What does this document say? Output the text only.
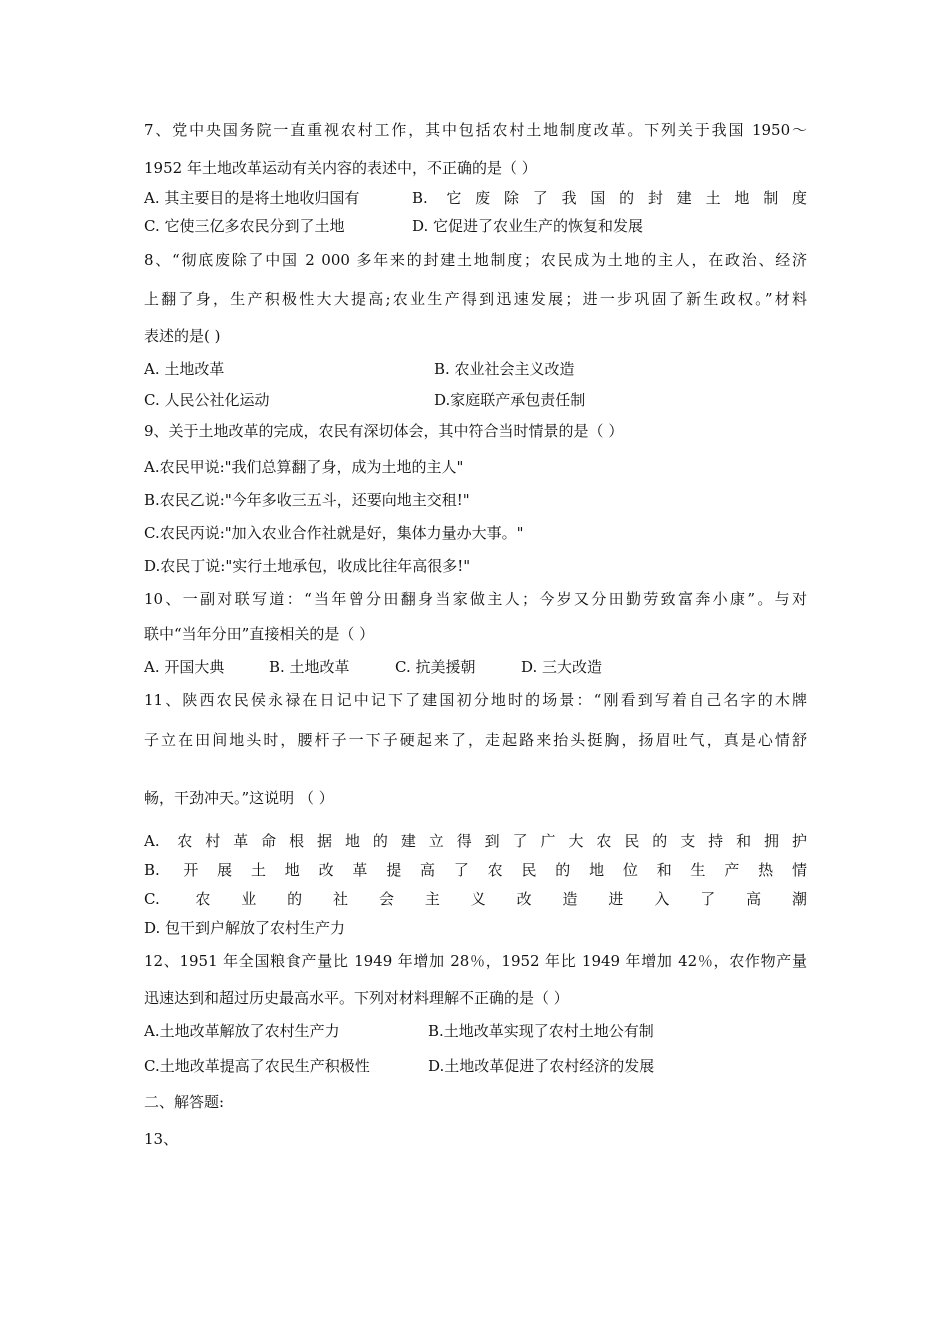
7、党中央国务院一直重视农村工作，其中包括农村土地制度改革。下列关于我国 1950～
1952 年土地改革运动有关内容的表述中，不正确的是（ ）
A. 其主要目的是将土地收归国有	B. 它废除了我国的封建土地制度
C. 它使三亿多农民分到了土地	D. 它促进了农业生产的恢复和发展
8、“彻底废除了中国 2 000 多年来的封建土地制度；农民成为土地的主人，在政治、经济
上翻了身，生产积极性大大提高;农业生产得到迅速发展；进一步巩固了新生政权。”材料
表述的是( )
A. 土地改革	B. 农业社会主义改造
C. 人民公社化运动	D.家庭联产承包责任制
9、关于土地改革的完成，农民有深切体会，其中符合当时情景的是（ ）
A.农民甲说:"我们总算翻了身，成为土地的主人"
B.农民乙说:"今年多收三五斗，还要向地主交租!"
C.农民丙说:"加入农业合作社就是好，集体力量办大事。"
D.农民丁说:"实行土地承包，收成比往年高很多!"
10、一副对联写道：“当年曾分田翻身当家做主人；今岁又分田勤劳致富奔小康”。与对
联中“当年分田”直接相关的是（ ）
A. 开国大典	B. 土地改革	C. 抗美援朝	D. 三大改造
11、陕西农民侯永禄在日记中记下了建国初分地时的场景：“刚看到写着自己名字的木牌
子立在田间地头时，腰杆子一下子硬起来了，走起路来抬头挺胸，扬眉吐气，真是心情舒
畅，干劲冲天。”这说明 （ ）
A. 农村革命根据地的建立得到了广大农民的支持和拥护
B. 开展土地改革提高了农民的地位和生产热情
C. 农业的社会主义改造进入了高潮
D. 包干到户解放了农村生产力
12、1951 年全国粮食产量比 1949 年增加 28％，1952 年比 1949 年增加 42％，农作物产量
迅速达到和超过历史最高水平。下列对材料理解不正确的是（ ）
A.土地改革解放了农村生产力	B.土地改革实现了农村土地公有制
C.土地改革提高了农民生产积极性	D.土地改革促进了农村经济的发展
二、解答题:
13、
